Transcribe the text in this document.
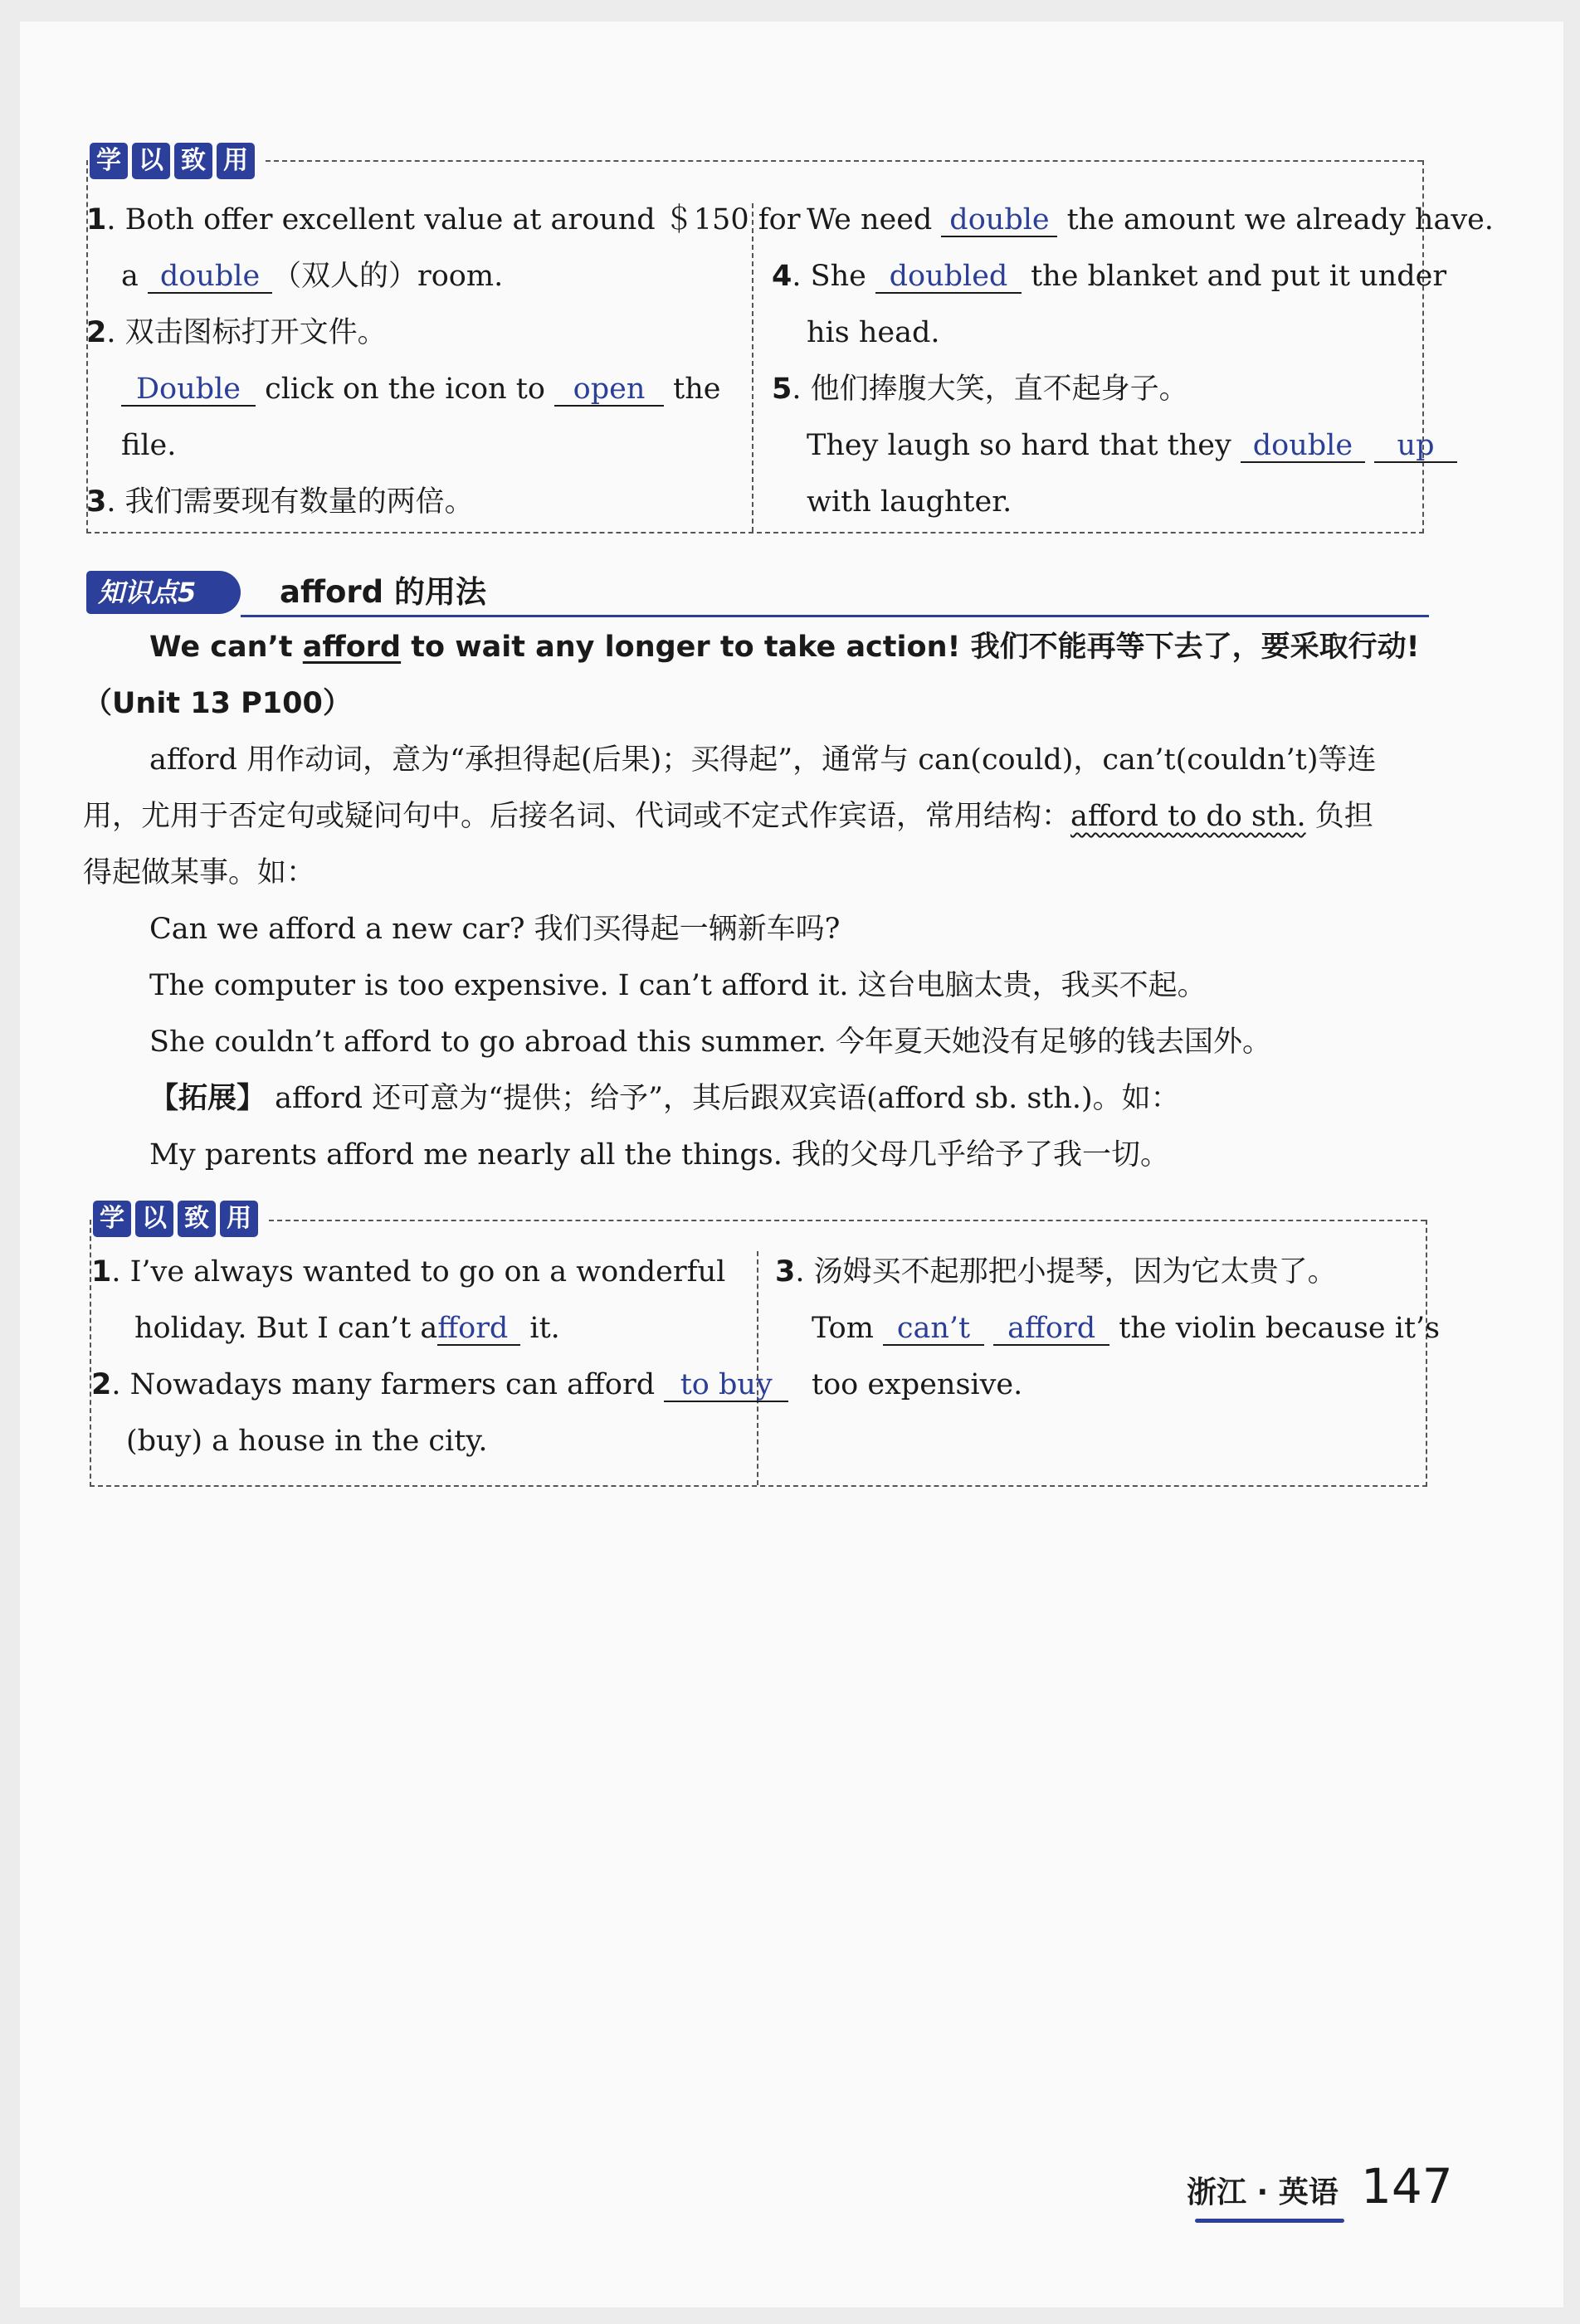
学 以 致 用
1. Both offer excellent value at around ＄150 for
a double （双人的）room.
2. 双击图标打开文件。
Double click on the icon to open the
file.
3. 我们需要现有数量的两倍。
We need double the amount we already have.
4. She doubled the blanket and put it under
his head.
5. 他们捧腹大笑，直不起身子。
They laugh so hard that they double up
with laughter.
知识点5	afford 的用法
We can’t afford to wait any longer to take action! 我们不能再等下去了，要采取行动!
（Unit 13 P100）
afford 用作动词，意为“承担得起(后果)；买得起”，通常与 can(could)，can’t(couldn’t)等连
用，尤用于否定句或疑问句中。后接名词、代词或不定式作宾语，常用结构：afford to do sth. 负担
得起做某事。如：
Can we afford a new car? 我们买得起一辆新车吗?
The computer is too expensive. I can’t afford it. 这台电脑太贵，我买不起。
She couldn’t afford to go abroad this summer. 今年夏天她没有足够的钱去国外。
【拓展】 afford 还可意为“提供；给予”，其后跟双宾语(afford sb. sth.)。如：
My parents afford me nearly all the things. 我的父母几乎给予了我一切。
学 以 致 用
1. I’ve always wanted to go on a wonderful
holiday. But I can’t afford it.
2. Nowadays many farmers can afford to buy
(buy) a house in the city.
3. 汤姆买不起那把小提琴，因为它太贵了。
Tom can’t afford the violin because it’s
too expensive.
浙江 · 英语 147
